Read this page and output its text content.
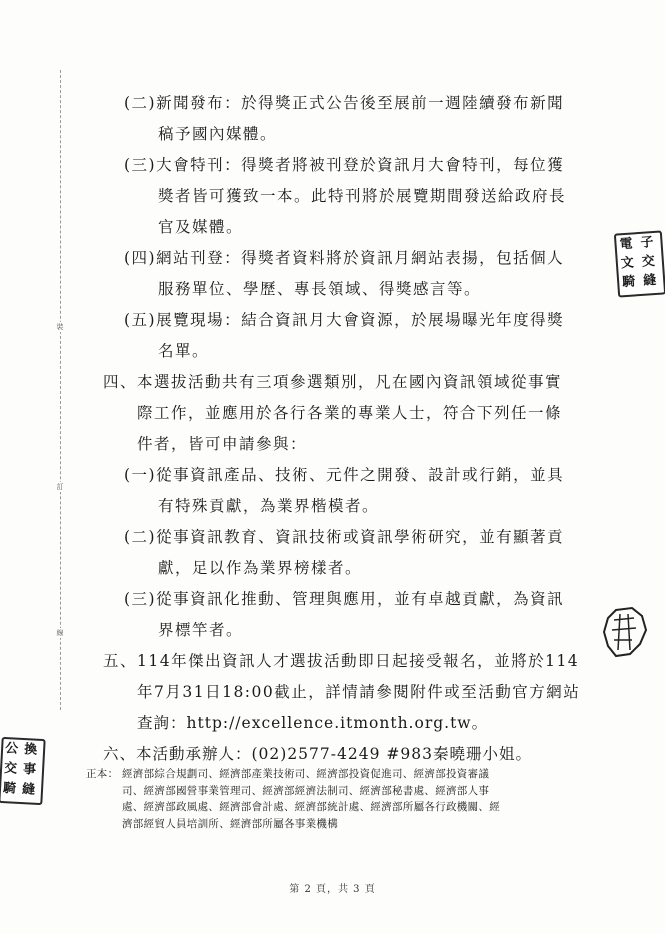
裝
訂
線
(二)新聞發布：於得獎正式公告後至展前一週陸續發布新聞
稿予國內媒體。
(三)大會特刊：得獎者將被刊登於資訊月大會特刊，每位獲
獎者皆可獲致一本。此特刊將於展覽期間發送給政府長
官及媒體。
(四)網站刊登：得獎者資料將於資訊月網站表揚，包括個人
服務單位、學歷、專長領域、得獎感言等。
(五)展覽現場：結合資訊月大會資源，於展場曝光年度得獎
名單。
四、本選拔活動共有三項參選類別，凡在國內資訊領域從事實
際工作，並應用於各行各業的專業人士，符合下列任一條
件者，皆可申請參與：
(一)從事資訊產品、技術、元件之開發、設計或行銷，並具
有特殊貢獻，為業界楷模者。
(二)從事資訊教育、資訊技術或資訊學術研究，並有顯著貢
獻，足以作為業界榜樣者。
(三)從事資訊化推動、管理與應用，並有卓越貢獻，為資訊
界標竿者。
五、114年傑出資訊人才選拔活動即日起接受報名，並將於114
年7月31日18:00截止，詳情請參閱附件或至活動官方網站
查詢：http://excellence.itmonth.org.tw。
六、本活動承辦人：(02)2577-4249 #983秦曉珊小姐。
正本： 經濟部綜合規劃司、經濟部產業技術司、經濟部投資促進司、經濟部投資審議
司、經濟部國營事業管理司、經濟部經濟法制司、經濟部秘書處、經濟部人事
處、經濟部政風處、經濟部會計處、經濟部統計處、經濟部所屬各行政機關、經
濟部經貿人員培訓所、經濟部所屬各事業機構
第 2 頁，共 3 頁
電 子
文 交
騎 縫
公 換
交 事
騎 縫
